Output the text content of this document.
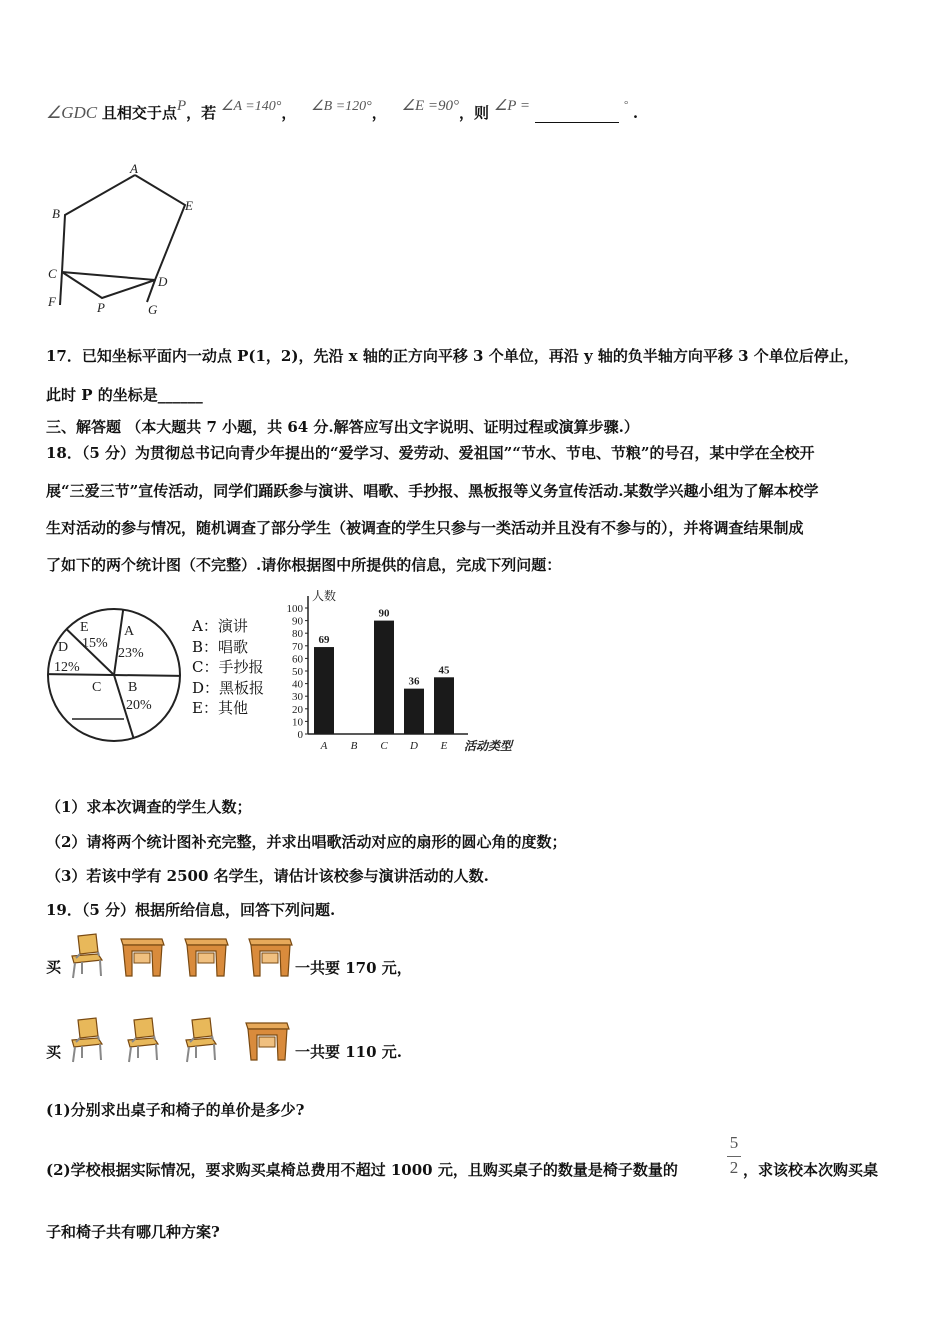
∠GDC 且相交于点P，若 ∠A =140°， ∠B =120°， ∠E =90°，则 ∠P =	° .
A
B
C
D
E
F
G
P
17．已知坐标平面内一动点 P(1，2)，先沿 x 轴的正方向平移 3 个单位，再沿 y 轴的负半轴方向平移 3 个单位后停止，
此时 P 的坐标是______
三、解答题 （本大题共 7 小题，共 64 分.解答应写出文字说明、证明过程或演算步骤.）
18．（5 分）为贯彻总书记向青少年提出的“爱学习、爱劳动、爱祖国”“节水、节电、节粮”的号召，某中学在全校开
展“三爱三节”宣传活动，同学们踊跃参与演讲、唱歌、手抄报、黑板报等义务宣传活动.某数学兴趣小组为了解本校学
生对活动的参与情况，随机调查了部分学生（被调查的学生只参与一类活动并且没有不参与的），并将调查结果制成
了如下的两个统计图（不完整）.请你根据图中所提供的信息，完成下列问题：
A
23%
B
20%
C
D
12%
E
15%
A：演讲
B：唱歌
C：手抄报
D：黑板报
E：其他
人数
0
10
20
30
40
50
60
70
80
90
100
A
69
B C
90
D
36
E
45
活动类型
（1）求本次调查的学生人数；
（2）请将两个统计图补充完整，并求出唱歌活动对应的扇形的圆心角的度数；
（3）若该中学有 2500 名学生，请估计该校参与演讲活动的人数.
19．（5 分）根据所给信息，回答下列问题.
买	一共要 170 元，
买	一共要 110 元.
(1)分别求出桌子和椅子的单价是多少?
(2)学校根据实际情况，要求购买桌椅总费用不超过 1000 元，且购买桌子的数量是椅子数量的
5
2 ，求该校本次购买桌
子和椅子共有哪几种方案?
